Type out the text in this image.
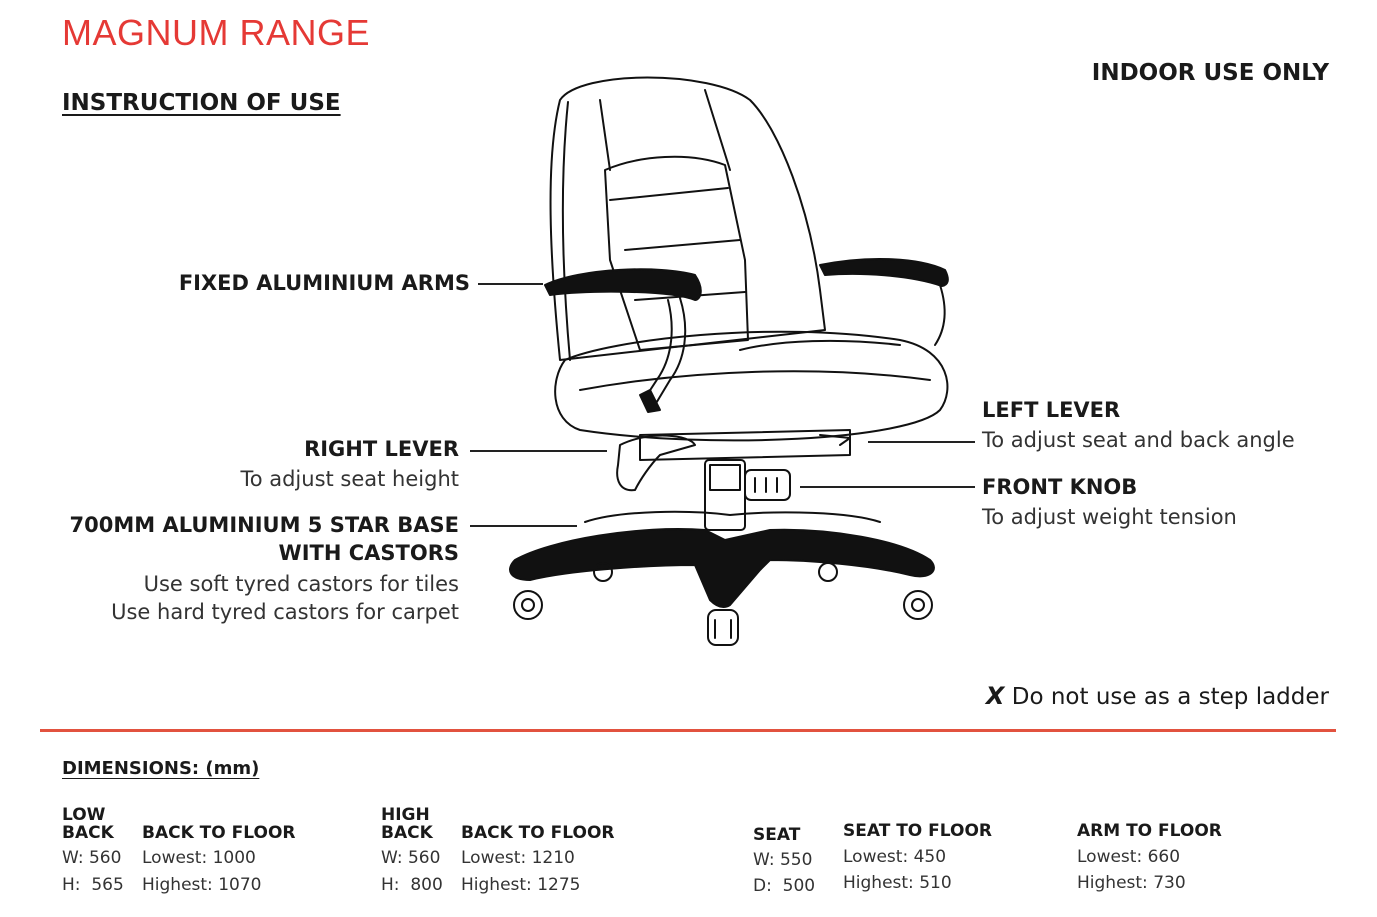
MAGNUM RANGE
INSTRUCTION OF USE
INDOOR USE ONLY
FIXED ALUMINIUM ARMS
RIGHT LEVER
To adjust seat height
700MM ALUMINIUM 5 STAR BASE
WITH CASTORS
Use soft tyred castors for tiles
Use hard tyred castors for carpet
LEFT LEVER
To adjust seat and back angle
FRONT KNOB
To adjust weight tension
X Do not use as a step ladder
DIMENSIONS: (mm)
LOW
BACK
W: 560
H: 565
BACK TO FLOOR
Lowest: 1000
Highest: 1070
HIGH
BACK
W: 560
H: 800
BACK TO FLOOR
Lowest: 1210
Highest: 1275
SEAT
W: 550
D: 500
SEAT TO FLOOR
Lowest: 450
Highest: 510
ARM TO FLOOR
Lowest: 660
Highest: 730
